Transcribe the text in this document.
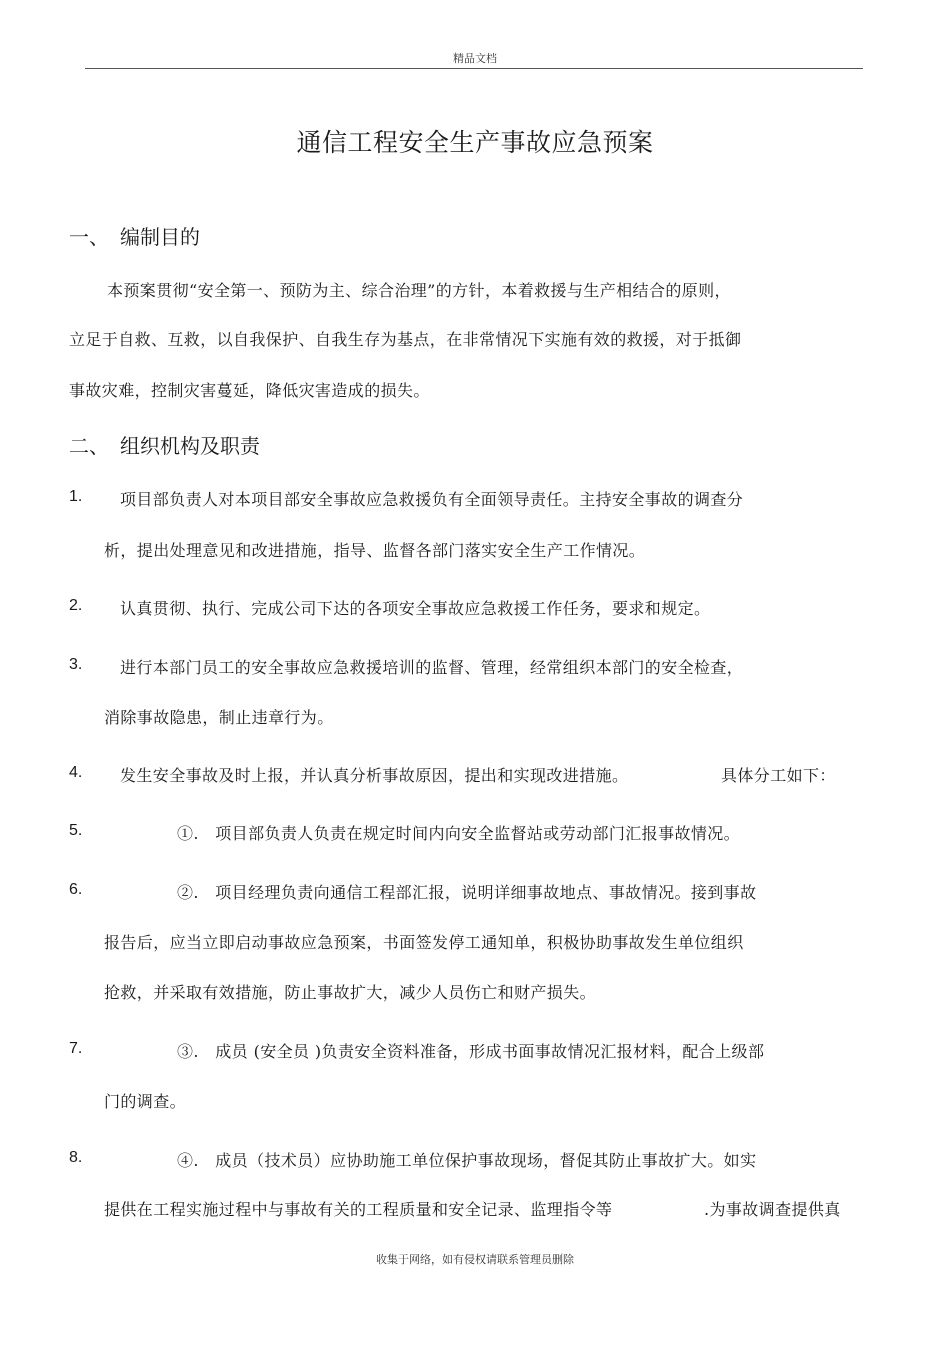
精品文档
通信工程安全生产事故应急预案
一、 编制目的
本预案贯彻“安全第一、预防为主、综合治理”的方针，本着救援与生产相结合的原则，
立足于自救、互救，以自我保护、自我生存为基点，在非常情况下实施有效的救援，对于抵御
事故灾难，控制灾害蔓延，降低灾害造成的损失。
二、 组织机构及职责
1. 项目部负责人对本项目部安全事故应急救援负有全面领导责任。主持安全事故的调查分
析，提出处理意见和改进措施，指导、监督各部门落实安全生产工作情况。
2. 认真贯彻、执行、完成公司下达的各项安全事故应急救援工作任务，要求和规定。
3. 进行本部门员工的安全事故应急救援培训的监督、管理，经常组织本部门的安全检查，
消除事故隐患，制止违章行为。
4. 发生安全事故及时上报，并认真分析事故原因，提出和实现改进措施。	具体分工如下：
5.	①.　项目部负责人负责在规定时间内向安全监督站或劳动部门汇报事故情况。
6.	②.　项目经理负责向通信工程部汇报，说明详细事故地点、事故情况。接到事故
报告后，应当立即启动事故应急预案，书面签发停工通知单，积极协助事故发生单位组织
抢救，并采取有效措施，防止事故扩大，减少人员伤亡和财产损失。
7.	③.　成员 (安全员 )负责安全资料准备，形成书面事故情况汇报材料，配合上级部
门的调查。
8.	④.　成员（技术员）应协助施工单位保护事故现场，督促其防止事故扩大。如实
提供在工程实施过程中与事故有关的工程质量和安全记录、监理指令等	.为事故调查提供真
收集于网络，如有侵权请联系管理员删除
